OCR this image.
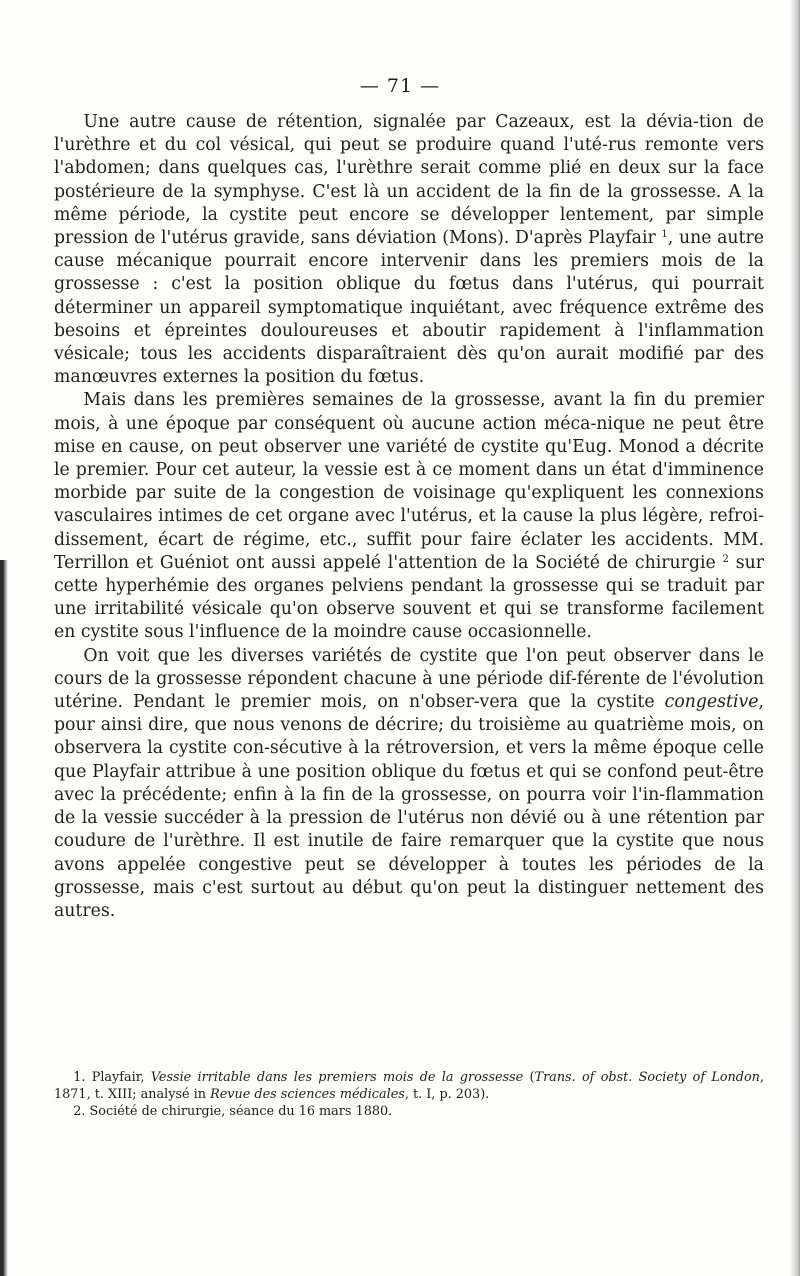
— 71 —

Une autre cause de rétention, signalée par Cazeaux, est la dévia-tion de l'urèthre et du col vésical, qui peut se produire quand l'uté-rus remonte vers l'abdomen; dans quelques cas, l'urèthre serait comme plié en deux sur la face postérieure de la symphyse. C'est là un accident de la fin de la grossesse. A la même période, la cystite peut encore se développer lentement, par simple pression de l'utérus gravide, sans déviation (Mons). D'après Playfair $^1$, une autre cause mécanique pourrait encore intervenir dans les premiers mois de la grossesse : c'est la position oblique du fœtus dans l'utérus, qui pourrait déterminer un appareil symptomatique inquiétant, avec fréquence extrême des besoins et épreintes douloureuses et aboutir rapidement à l'inflammation vésicale; tous les accidents disparaîtraient dès qu'on aurait modifié par des manœuvres externes la position du fœtus.

Mais dans les premières semaines de la grossesse, avant la fin du premier mois, à une époque par conséquent où aucune action méca-nique ne peut être mise en cause, on peut observer une variété de cystite qu'Eug. Monod a décrite le premier. Pour cet auteur, la vessie est à ce moment dans un état d'imminence morbide par suite de la congestion de voisinage qu'expliquent les connexions vasculaires intimes de cet organe avec l'utérus, et la cause la plus légère, refroi-dissement, écart de régime, etc., suffit pour faire éclater les accidents. MM. Terrillon et Guéniot ont aussi appelé l'attention de la Société de chirurgie $^2$ sur cette hyperhémie des organes pelviens pendant la grossesse qui se traduit par une irritabilité vésicale qu'on observe souvent et qui se transforme facilement en cystite sous l'influence de la moindre cause occasionnelle.

On voit que les diverses variétés de cystite que l'on peut observer dans le cours de la grossesse répondent chacune à une période dif-férente de l'évolution utérine. Pendant le premier mois, on n'obser-vera que la cystite congestive, pour ainsi dire, que nous venons de décrire; du troisième au quatrième mois, on observera la cystite con-sécutive à la rétroversion, et vers la même époque celle que Playfair attribue à une position oblique du fœtus et qui se confond peut-être avec la précédente; enfin à la fin de la grossesse, on pourra voir l'in-flammation de la vessie succéder à la pression de l'utérus non dévié ou à une rétention par coudure de l'urèthre. Il est inutile de faire remarquer que la cystite que nous avons appelée congestive peut se développer à toutes les périodes de la grossesse, mais c'est surtout au début qu'on peut la distinguer nettement des autres.

1. Playfair, Vessie irritable dans les premiers mois de la grossesse (Trans. of obst. Society of London, 1871, t. XIII; analysé in Revue des sciences médicales, t. I, p. 203).

2. Société de chirurgie, séance du 16 mars 1880.
